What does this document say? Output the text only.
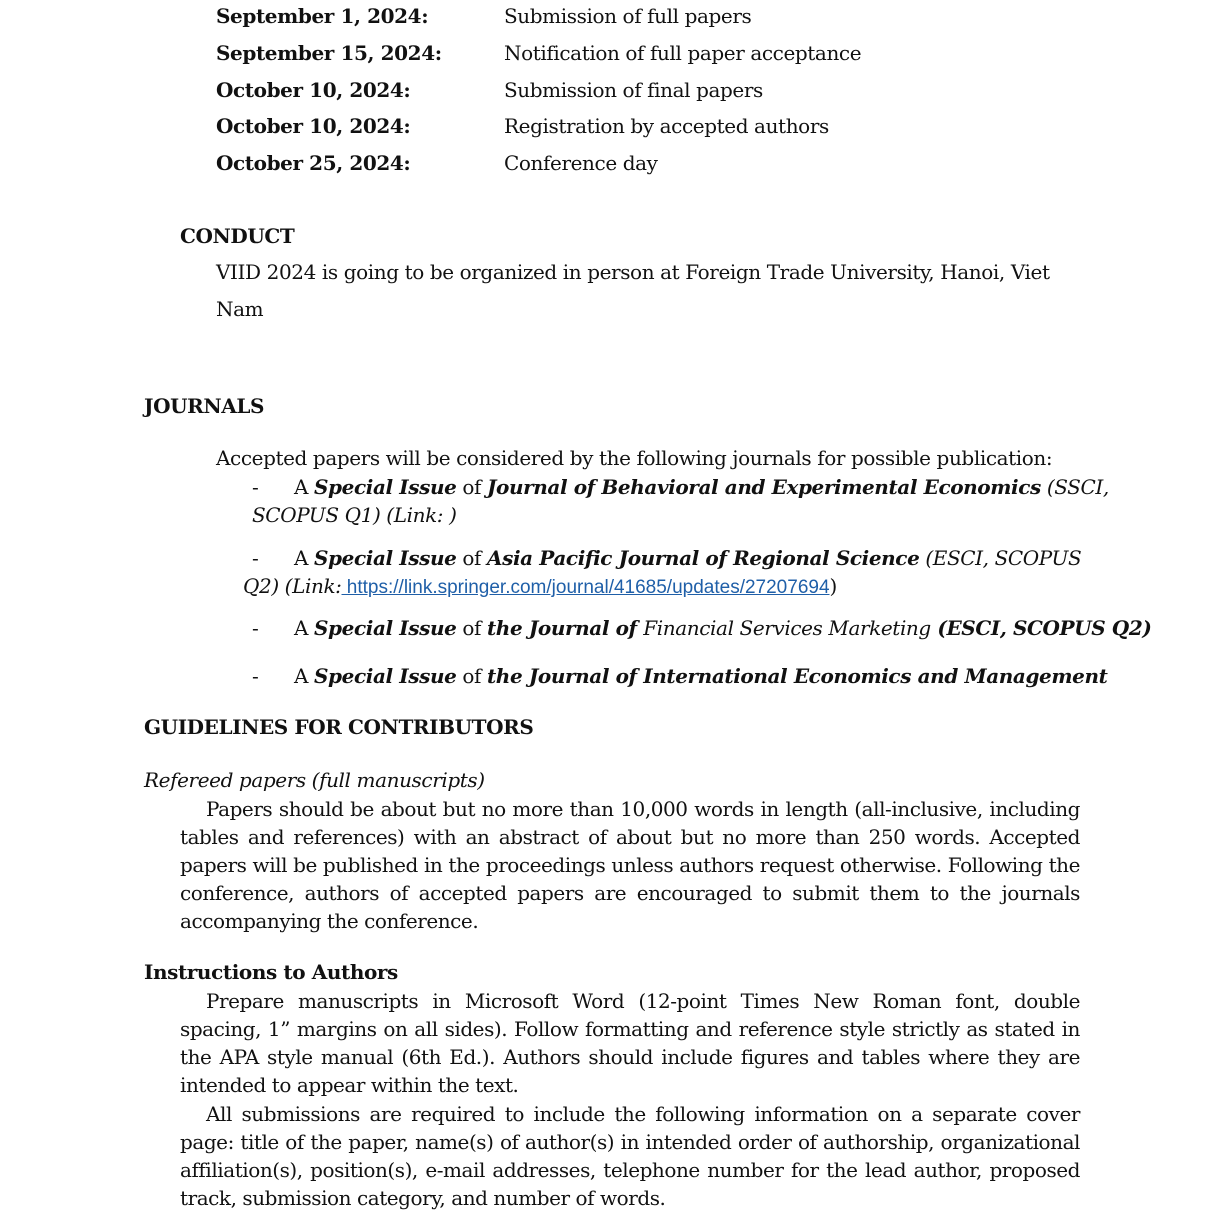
September 1, 2024:	Submission of full papers
September 15, 2024:	Notification of full paper acceptance
October 10, 2024:	Submission of final papers
October 10, 2024:	Registration by accepted authors
October 25, 2024:	Conference day
CONDUCT
VIID 2024 is going to be organized in person at Foreign Trade University, Hanoi, Viet
Nam
JOURNALS
Accepted papers will be considered by the following journals for possible publication:
- A Special Issue of Journal of Behavioral and Experimental Economics (SSCI,
SCOPUS Q1) (Link: )
- A Special Issue of Asia Pacific Journal of Regional Science (ESCI, SCOPUS
Q2) (Link: https://link.springer.com/journal/41685/updates/27207694)
- A Special Issue of the Journal of Financial Services Marketing (ESCI, SCOPUS Q2)
- A Special Issue of the Journal of International Economics and Management
GUIDELINES FOR CONTRIBUTORS
Refereed papers (full manuscripts)
Papers should be about but no more than 10,000 words in length (all-inclusive, including tables and references) with an abstract of about but no more than 250 words. Accepted papers will be published in the proceedings unless authors request otherwise. Following the conference, authors of accepted papers are encouraged to submit them to the journals accompanying the conference.
Instructions to Authors
Prepare manuscripts in Microsoft Word (12-point Times New Roman font, double spacing, 1” margins on all sides). Follow formatting and reference style strictly as stated in the APA style manual (6th Ed.). Authors should include figures and tables where they are intended to appear within the text.
All submissions are required to include the following information on a separate cover page: title of the paper, name(s) of author(s) in intended order of authorship, organizational affiliation(s), position(s), e-mail addresses, telephone number for the lead author, proposed track, submission category, and number of words.
